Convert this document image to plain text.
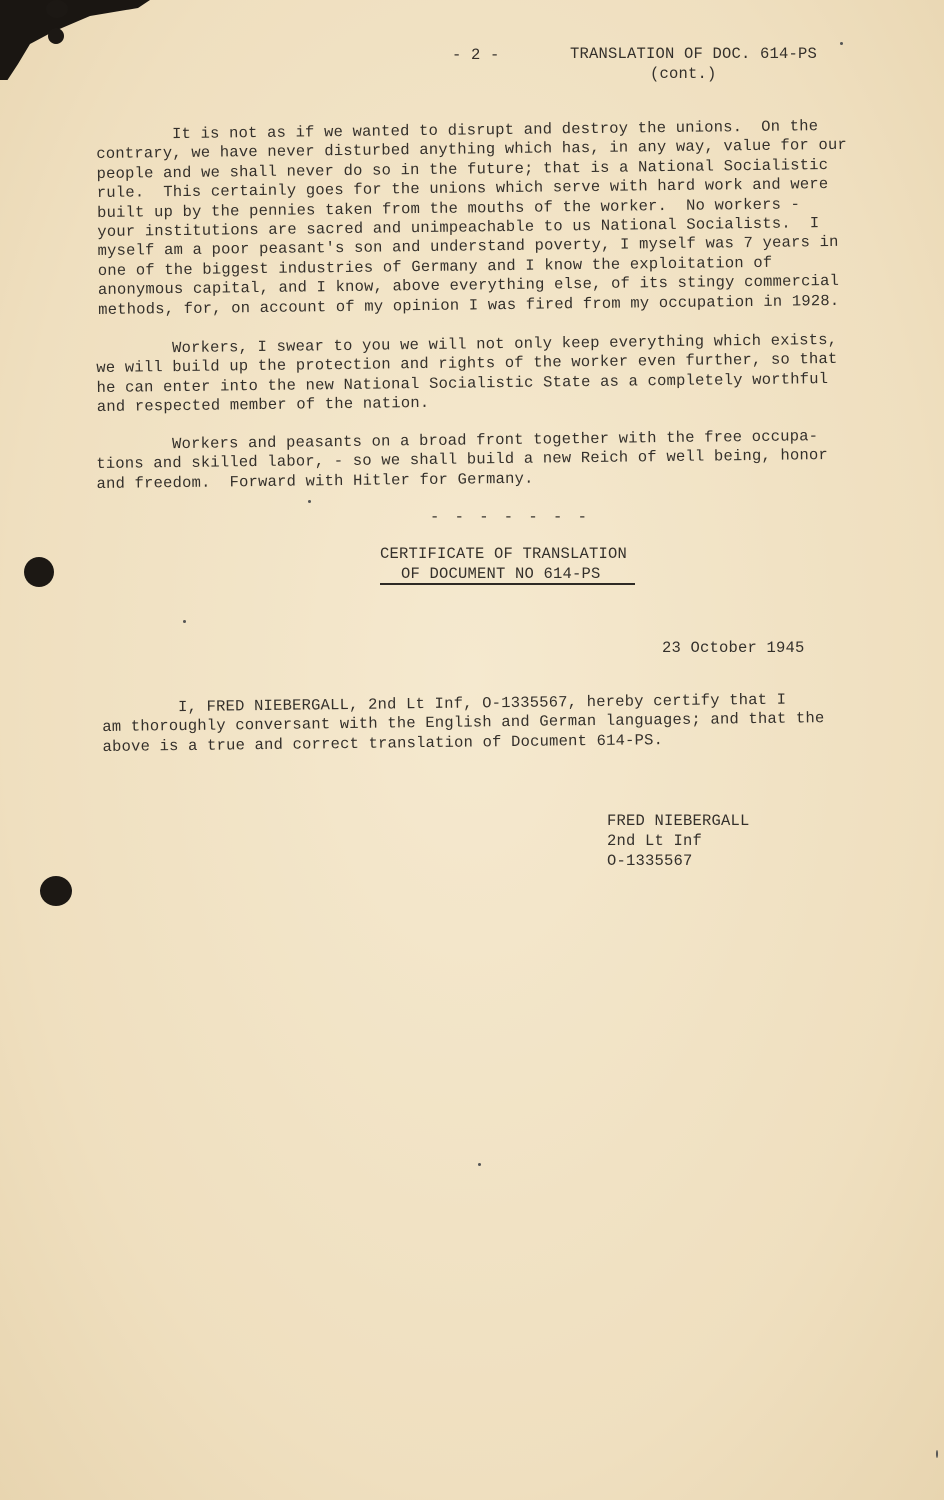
- 2 -	TRANSLATION OF DOC. 614-PS
(cont.)
It is not as if we wanted to disrupt and destroy the unions.  On the
contrary, we have never disturbed anything which has, in any way, value for our
people and we shall never do so in the future; that is a National Socialistic
rule.  This certainly goes for the unions which serve with hard work and were
built up by the pennies taken from the mouths of the worker.  No workers -
your institutions are sacred and unimpeachable to us National Socialists.  I
myself am a poor peasant's son and understand poverty, I myself was 7 years in
one of the biggest industries of Germany and I know the exploitation of
anonymous capital, and I know, above everything else, of its stingy commercial
methods, for, on account of my opinion I was fired from my occupation in 1928.
Workers, I swear to you we will not only keep everything which exists,
we will build up the protection and rights of the worker even further, so that
he can enter into the new National Socialistic State as a completely worthful
and respected member of the nation.
Workers and peasants on a broad front together with the free occupa-
tions and skilled labor, - so we shall build a new Reich of well being, honor
and freedom.  Forward with Hitler for Germany.
- - - - - - -
CERTIFICATE OF TRANSLATION
OF DOCUMENT NO 614-PS
23 October 1945
I, FRED NIEBERGALL, 2nd Lt Inf, O-1335567, hereby certify that I
am thoroughly conversant with the English and German languages; and that the
above is a true and correct translation of Document 614-PS.
FRED NIEBERGALL
2nd Lt Inf
O-1335567
